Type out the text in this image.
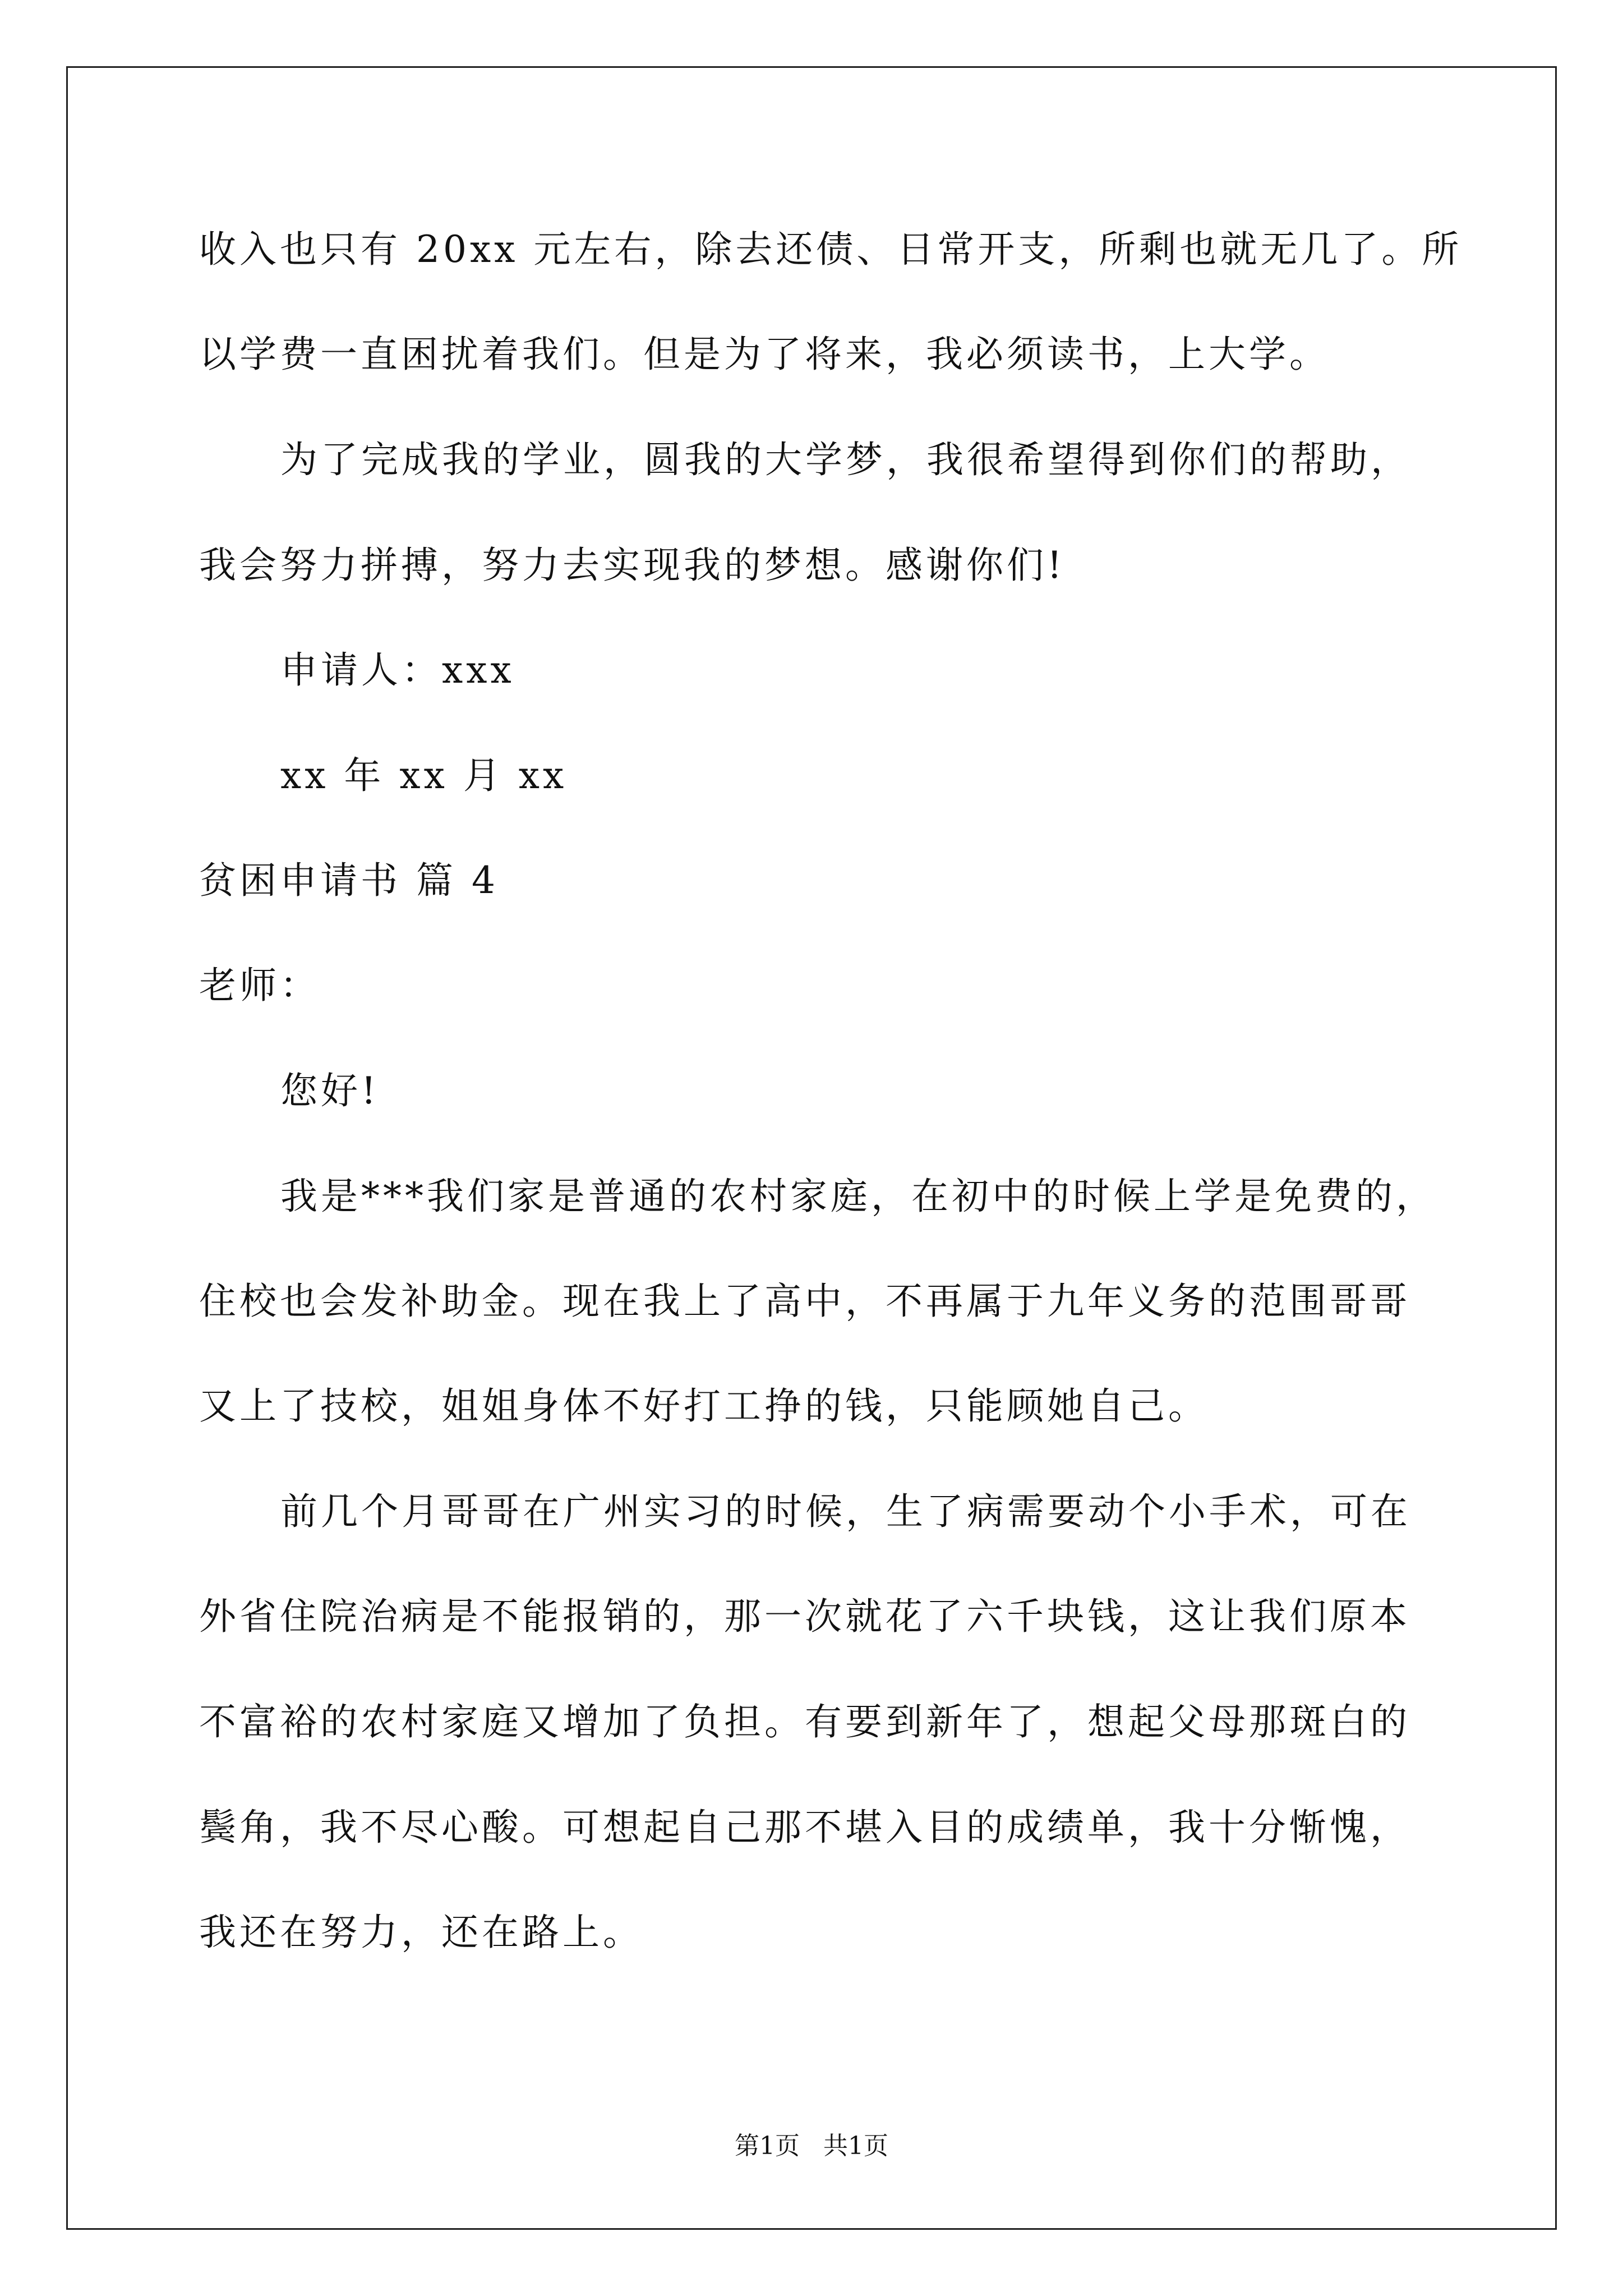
收入也只有 20xx 元左右，除去还债、日常开支，所剩也就无几了。所
以学费一直困扰着我们。但是为了将来，我必须读书，上大学。
为了完成我的学业，圆我的大学梦，我很希望得到你们的帮助，
我会努力拼搏，努力去实现我的梦想。感谢你们!
申请人：xxx
xx 年 xx 月 xx
贫困申请书 篇 4
老师：
您好!
我是***我们家是普通的农村家庭，在初中的时候上学是免费的，
住校也会发补助金。现在我上了高中，不再属于九年义务的范围哥哥
又上了技校，姐姐身体不好打工挣的钱，只能顾她自己。
前几个月哥哥在广州实习的时候，生了病需要动个小手术，可在
外省住院治病是不能报销的，那一次就花了六千块钱，这让我们原本
不富裕的农村家庭又增加了负担。有要到新年了，想起父母那斑白的
鬓角，我不尽心酸。可想起自己那不堪入目的成绩单，我十分惭愧，
我还在努力，还在路上。
第1页   共1页
